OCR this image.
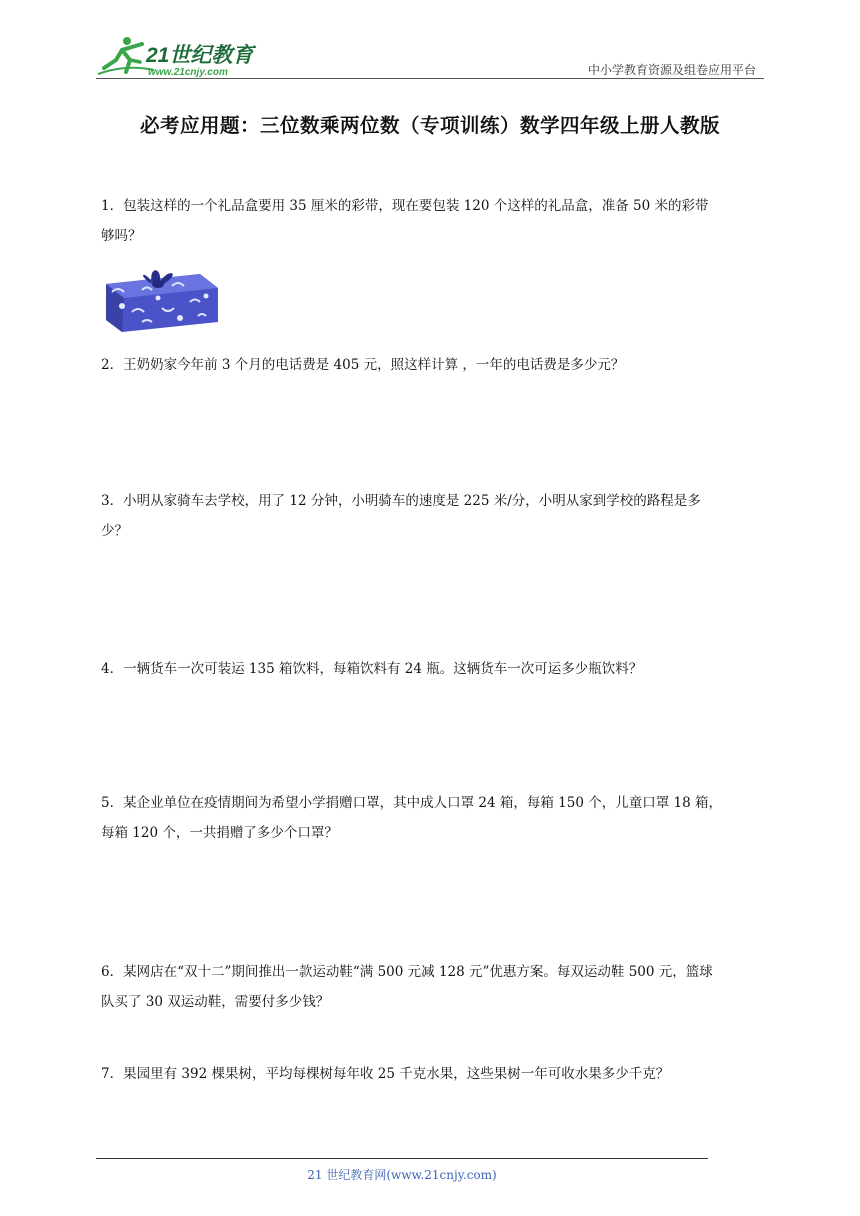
21世纪教育
www.21cnjy.com	中小学教育资源及组卷应用平台
必考应用题：三位数乘两位数（专项训练）数学四年级上册人教版
1．包装这样的一个礼品盒要用 35 厘米的彩带，现在要包装 120 个这样的礼品盒，准备 50 米的彩带
够吗？
2．王奶奶家今年前 3 个月的电话费是 405 元，照这样计算 ，一年的电话费是多少元？
3．小明从家骑车去学校，用了 12 分钟，小明骑车的速度是 225 米/分，小明从家到学校的路程是多
少？
4．一辆货车一次可装运 135 箱饮料，每箱饮料有 24 瓶。这辆货车一次可运多少瓶饮料？
5．某企业单位在疫情期间为希望小学捐赠口罩，其中成人口罩 24 箱，每箱 150 个，儿童口罩 18 箱，
每箱 120 个，一共捐赠了多少个口罩？
6．某网店在“双十二”期间推出一款运动鞋“满 500 元减 128 元”优惠方案。每双运动鞋 500 元，篮球
队买了 30 双运动鞋，需要付多少钱？
7．果园里有 392 棵果树，平均每棵树每年收 25 千克水果，这些果树一年可收水果多少千克？
21 世纪教育网(www.21cnjy.com)
